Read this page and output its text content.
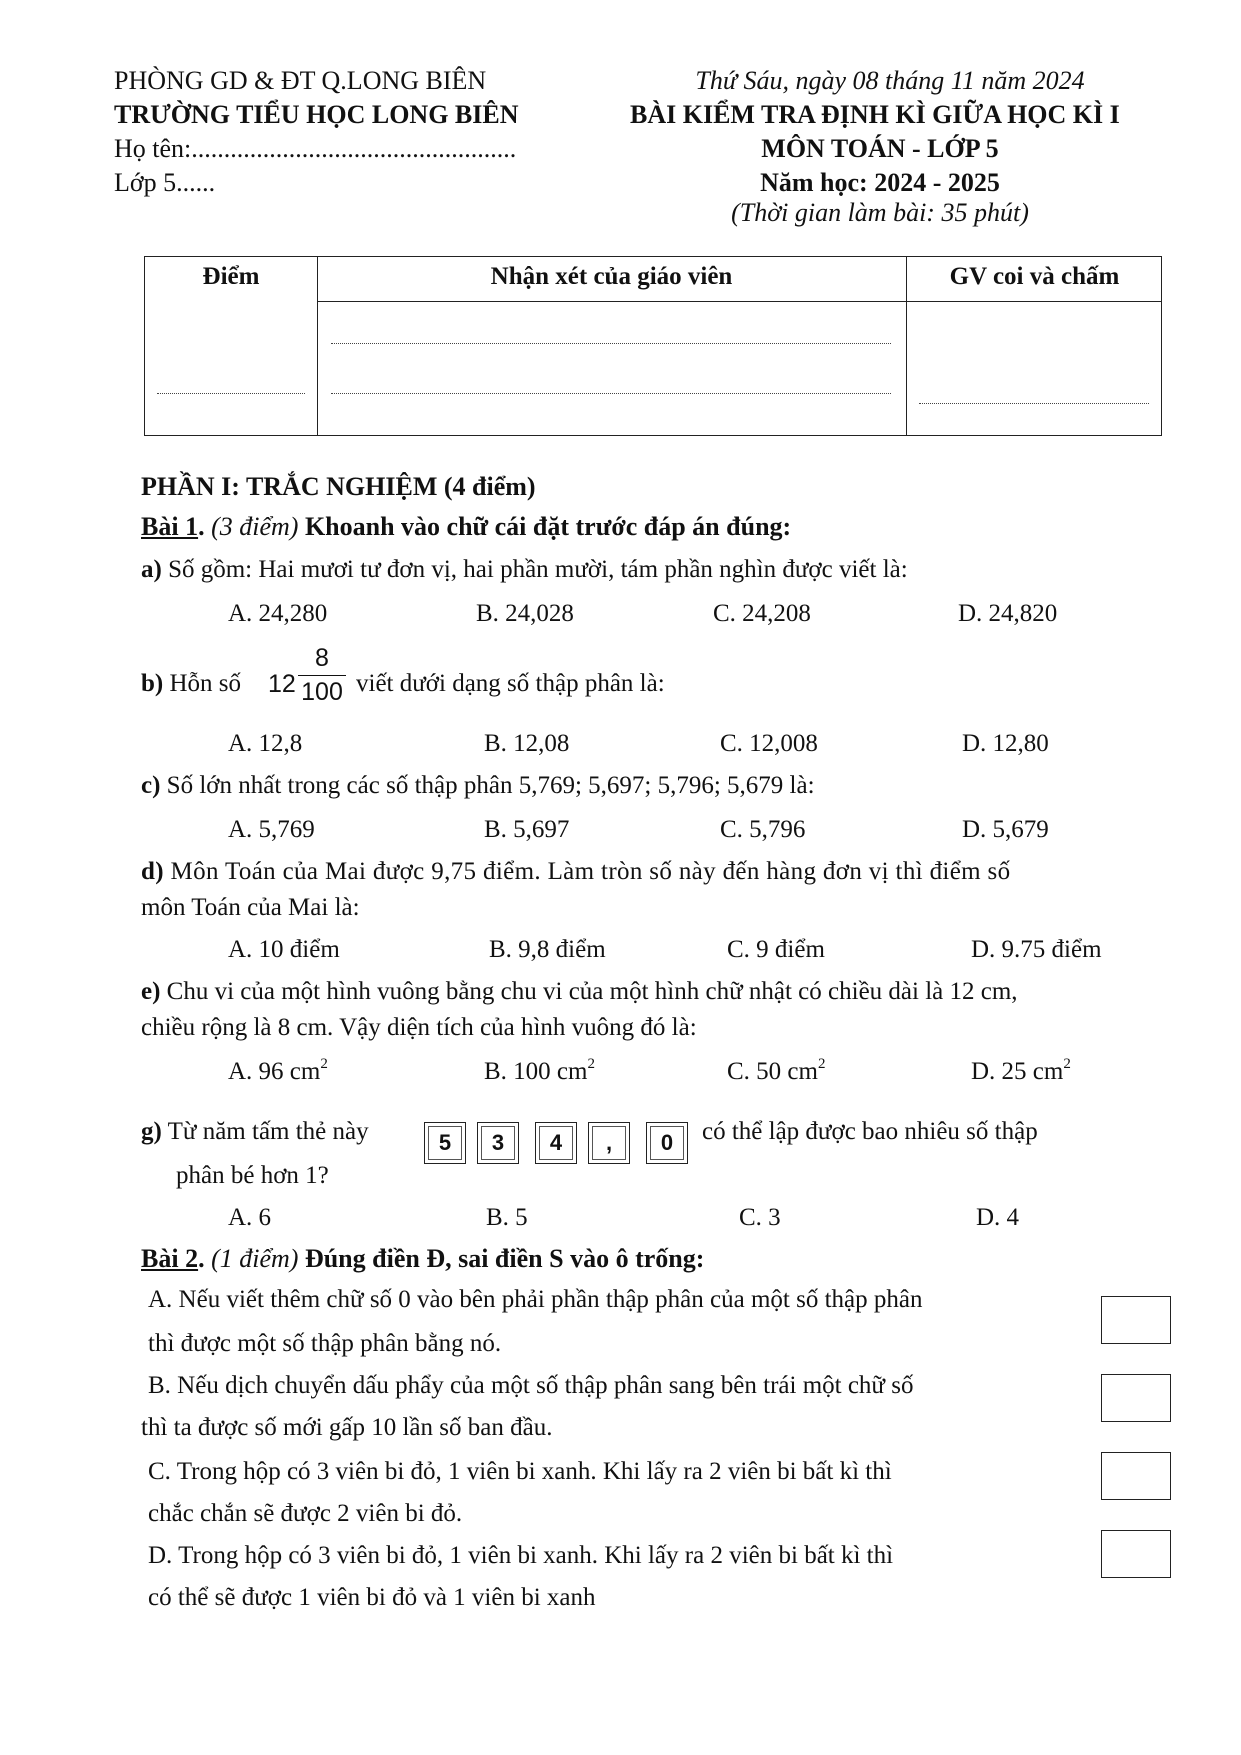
PHÒNG GD & ĐT Q.LONG BIÊN
TRƯỜNG TIỂU HỌC LONG BIÊN
Họ tên:..................................................
Lớp 5......
Thứ Sáu, ngày 08 tháng 11 năm 2024
BÀI KIỂM TRA ĐỊNH KÌ GIỮA HỌC KÌ I
MÔN TOÁN - LỚP 5
Năm học: 2024 - 2025
(Thời gian làm bài: 35 phút)
Điểm	Nhận xét của giáo viên	GV coi và chấm
PHẦN I: TRẮC NGHIỆM (4 điểm)
Bài 1. (3 điểm) Khoanh vào chữ cái đặt trước đáp án đúng:
a) Số gồm: Hai mươi tư đơn vị, hai phần mười, tám phần nghìn được viết là:
A. 24,280	B. 24,028	C. 24,208	D. 24,820
b) Hỗn số 12
8
100 viết dưới dạng số thập phân là:
A. 12,8	B. 12,08	C. 12,008	D. 12,80
c) Số lớn nhất trong các số thập phân 5,769; 5,697; 5,796; 5,679 là:
A. 5,769	B. 5,697	C. 5,796	D. 5,679
d) Môn Toán của Mai được 9,75 điểm. Làm tròn số này đến hàng đơn vị thì điểm số
môn Toán của Mai là:
A. 10 điểm	B. 9,8 điểm	C. 9 điểm	D. 9.75 điểm
e) Chu vi của một hình vuông bằng chu vi của một hình chữ nhật có chiều dài là 12 cm,
chiều rộng là 8 cm. Vậy diện tích của hình vuông đó là:
A. 96 $cm^2$	B. 100 $cm^2$	C. 50 $cm^2$	D. 25 $cm^2$
g) Từ năm tấm thẻ này	5 3 4 , 0 có thể lập được bao nhiêu số thập
phân bé hơn 1?
A. 6	B. 5	C. 3	D. 4
Bài 2. (1 điểm) Đúng điền Đ, sai điền S vào ô trống:
A. Nếu viết thêm chữ số 0 vào bên phải phần thập phân của một số thập phân
thì được một số thập phân bằng nó.
B. Nếu dịch chuyển dấu phẩy của một số thập phân sang bên trái một chữ số
thì ta được số mới gấp 10 lần số ban đầu.
C. Trong hộp có 3 viên bi đỏ, 1 viên bi xanh. Khi lấy ra 2 viên bi bất kì thì
chắc chắn sẽ được 2 viên bi đỏ.
D. Trong hộp có 3 viên bi đỏ, 1 viên bi xanh. Khi lấy ra 2 viên bi bất kì thì
có thể sẽ được 1 viên bi đỏ và 1 viên bi xanh
